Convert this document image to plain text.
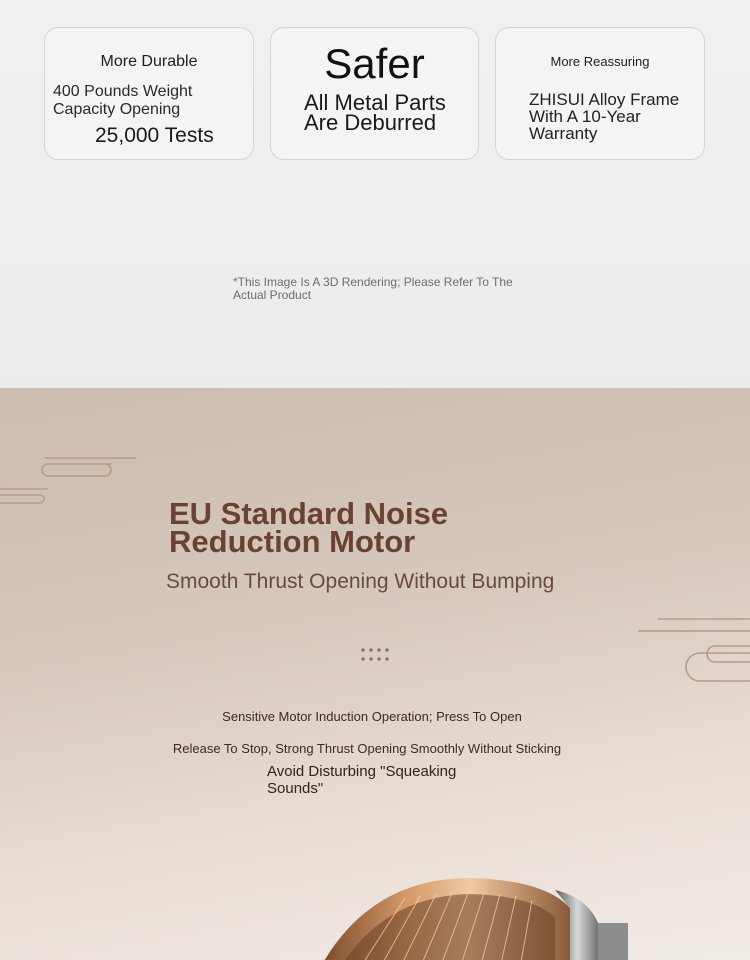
More Durable
400 Pounds Weight Capacity Opening
25,000 Tests
Safer
All Metal Parts Are Deburred
More Reassuring
ZHISUI Alloy Frame With A 10-Year Warranty
*This Image Is A 3D Rendering; Please Refer To The Actual Product
EU Standard Noise Reduction Motor
Smooth Thrust Opening Without Bumping
Sensitive Motor Induction Operation; Press To Open
Release To Stop, Strong Thrust Opening Smoothly Without Sticking
Avoid Disturbing "Squeaking Sounds"
